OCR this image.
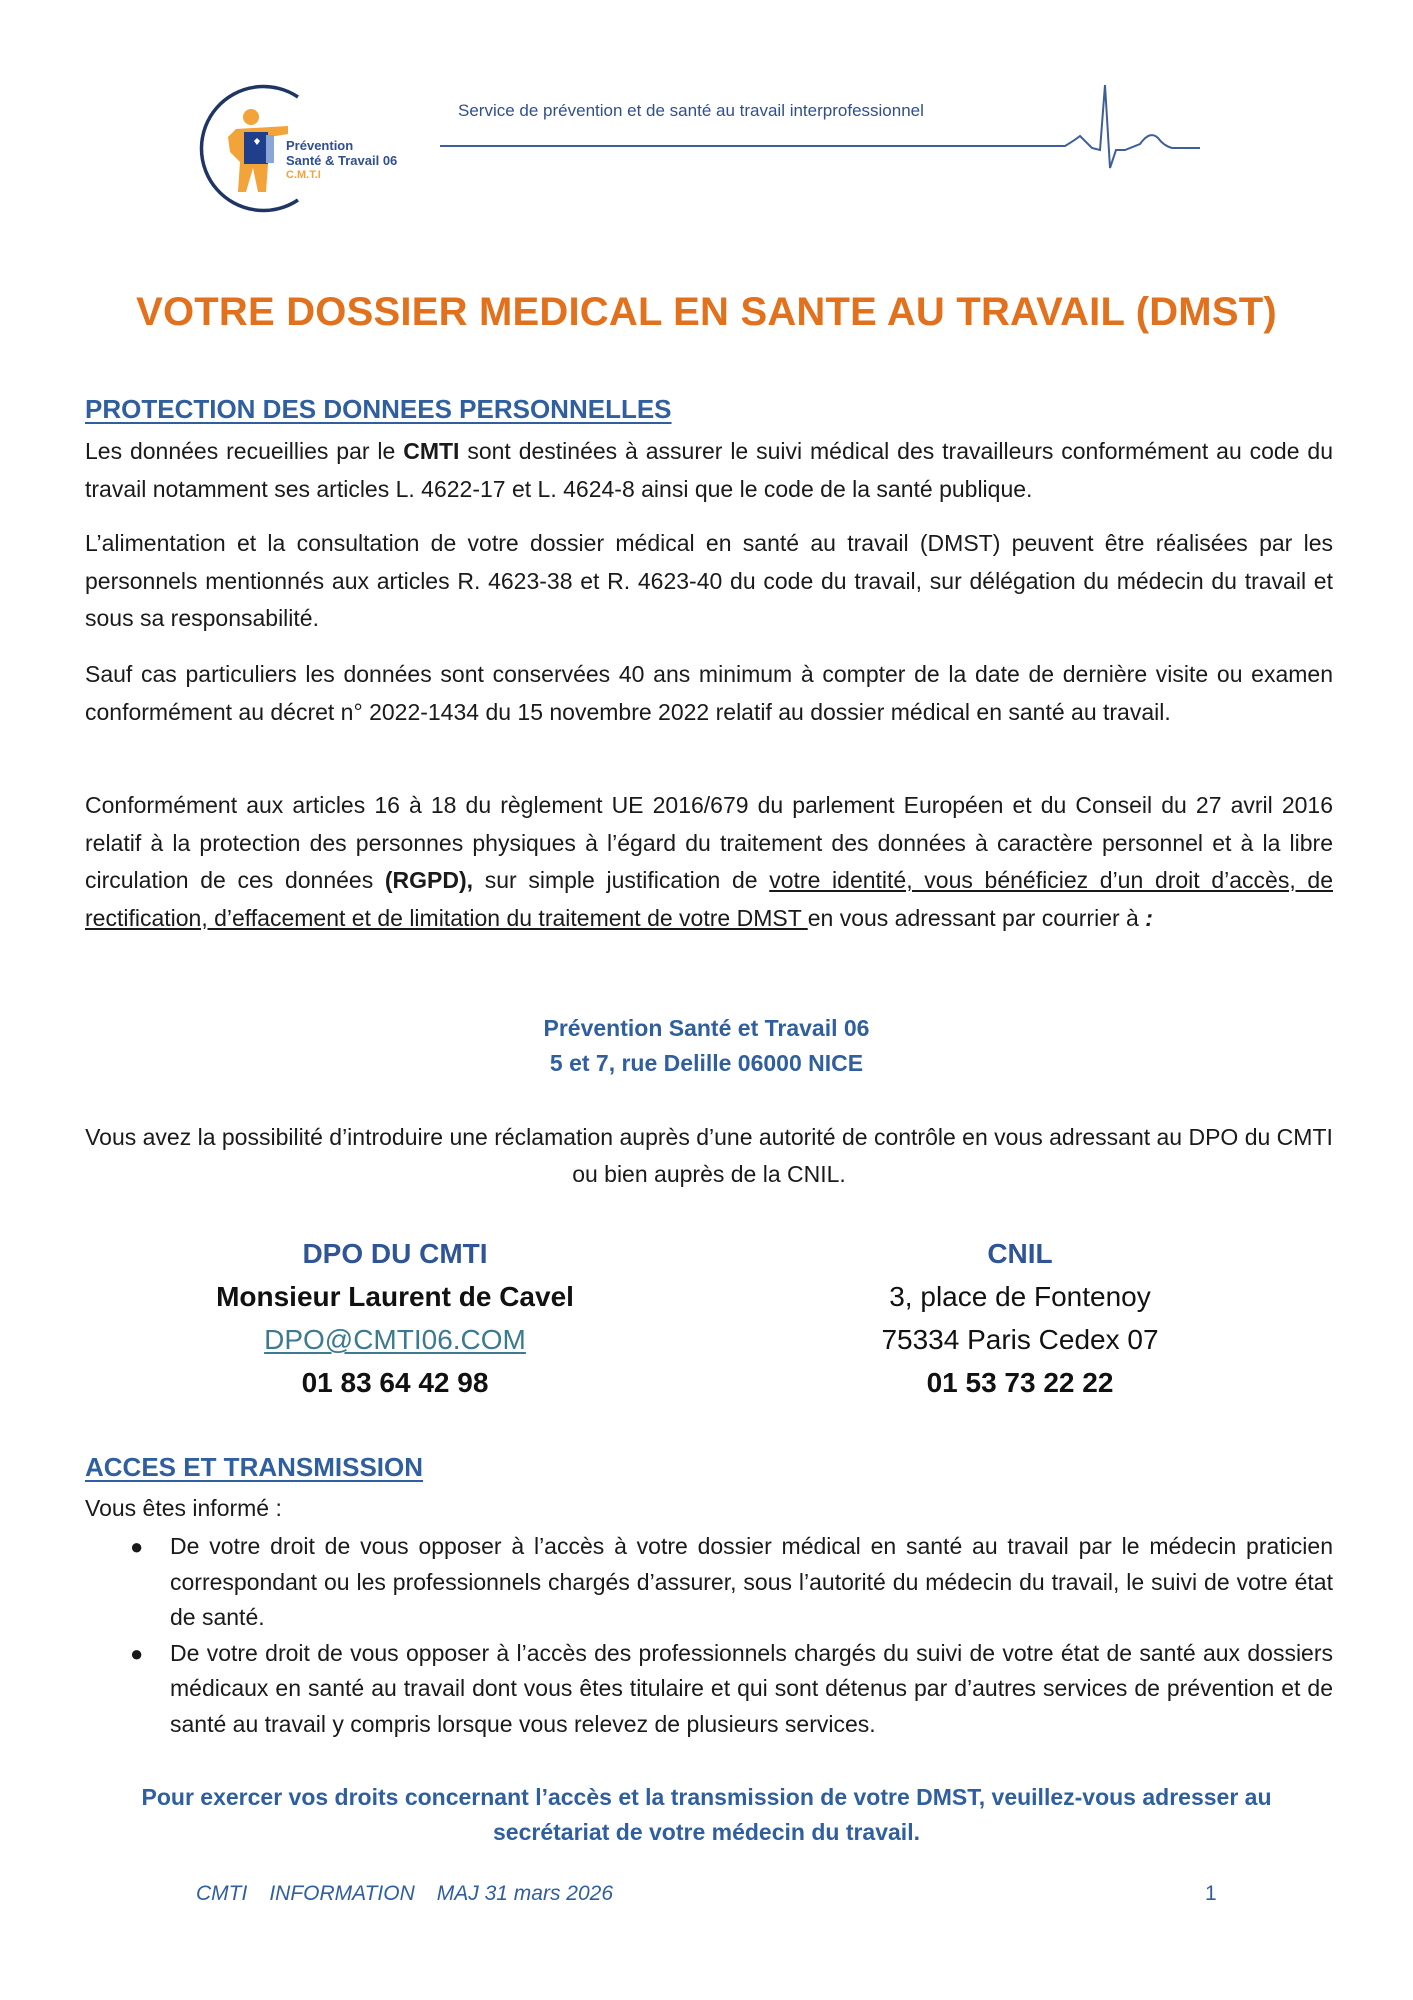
Prévention
Santé & Travail 06
C.M.T.I
Service de prévention et de santé au travail interprofessionnel
VOTRE DOSSIER MEDICAL EN SANTE AU TRAVAIL (DMST)
PROTECTION DES DONNEES PERSONNELLES
Les données recueillies par le CMTI sont destinées à assurer le suivi médical des travailleurs conformément au code du travail notamment ses articles L. 4622-17 et L. 4624-8 ainsi que le code de la santé publique.
L’alimentation et la consultation de votre dossier médical en santé au travail (DMST) peuvent être réalisées par les personnels mentionnés aux articles R. 4623-38 et R. 4623-40 du code du travail, sur délégation du médecin du travail et sous sa responsabilité.
Sauf cas particuliers les données sont conservées 40 ans minimum à compter de la date de dernière visite ou examen conformément au décret n° 2022-1434 du 15 novembre 2022 relatif au dossier médical en santé au travail.
Conformément aux articles 16 à 18 du règlement UE 2016/679 du parlement Européen et du Conseil du 27 avril 2016 relatif à la protection des personnes physiques à l’égard du traitement des données à caractère personnel et à la libre circulation de ces données (RGPD), sur simple justification de votre identité, vous bénéficiez d’un droit d’accès, de rectification, d’effacement et de limitation du traitement de votre DMST en vous adressant par courrier à :
Prévention Santé et Travail 06
5 et 7, rue Delille 06000 NICE
Vous avez la possibilité d’introduire une réclamation auprès d’une autorité de contrôle en vous adressant au DPO du CMTI ou bien auprès de la CNIL.
DPO DU CMTI
Monsieur Laurent de Cavel
DPO@CMTI06.COM
01 83 64 42 98
CNIL
3, place de Fontenoy
75334 Paris Cedex 07
01 53 73 22 22
ACCES ET TRANSMISSION
Vous êtes informé :
● De votre droit de vous opposer à l’accès à votre dossier médical en santé au travail par le médecin praticien correspondant ou les professionnels chargés d’assurer, sous l’autorité du médecin du travail, le suivi de votre état de santé.
● De votre droit de vous opposer à l’accès des professionnels chargés du suivi de votre état de santé aux dossiers médicaux en santé au travail dont vous êtes titulaire et qui sont détenus par d’autres services de prévention et de santé au travail y compris lorsque vous relevez de plusieurs services.
Pour exercer vos droits concernant l’accès et la transmission de votre DMST, veuillez-vous adresser au secrétariat de votre médecin du travail.
CMTI INFORMATION MAJ 31 mars 2026	1
